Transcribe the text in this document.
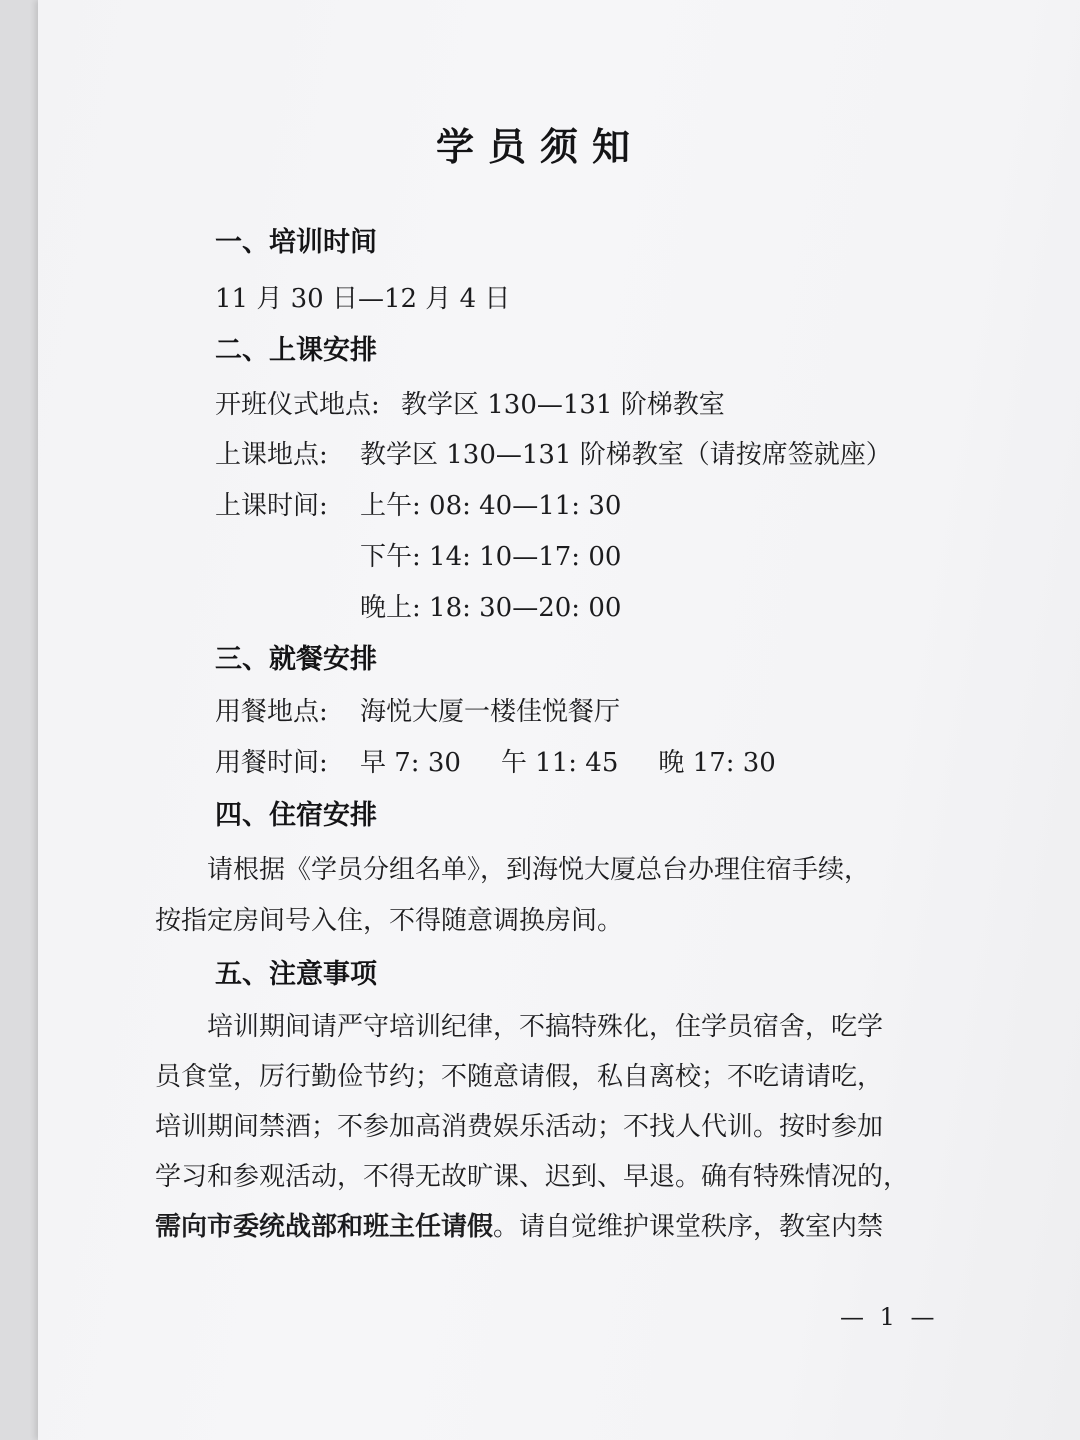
学员须知

一、培训时间

11 月 30 日—12 月 4 日

二、上课安排

开班仪式地点: 教学区 130—131 阶梯教室

上课地点: 教学区 130—131 阶梯教室（请按席签就座）

上课时间: 上午: 08: 40—11: 30

下午: 14: 10—17: 00

晚上: 18: 30—20: 00

三、就餐安排

用餐地点: 海悦大厦一楼佳悦餐厅

用餐时间: 早 7: 30 午 11: 45 晚 17: 30

四、住宿安排

　　请根据《学员分组名单》，到海悦大厦总台办理住宿手续，

按指定房间号入住，不得随意调换房间。

五、注意事项

　　培训期间请严守培训纪律，不搞特殊化，住学员宿舍，吃学

员食堂，厉行勤俭节约；不随意请假，私自离校；不吃请请吃，

培训期间禁酒；不参加高消费娱乐活动；不找人代训。按时参加

学习和参观活动，不得无故旷课、迟到、早退。确有特殊情况的，

需向市委统战部和班主任请假。请自觉维护课堂秩序，教室内禁

— 1 —
